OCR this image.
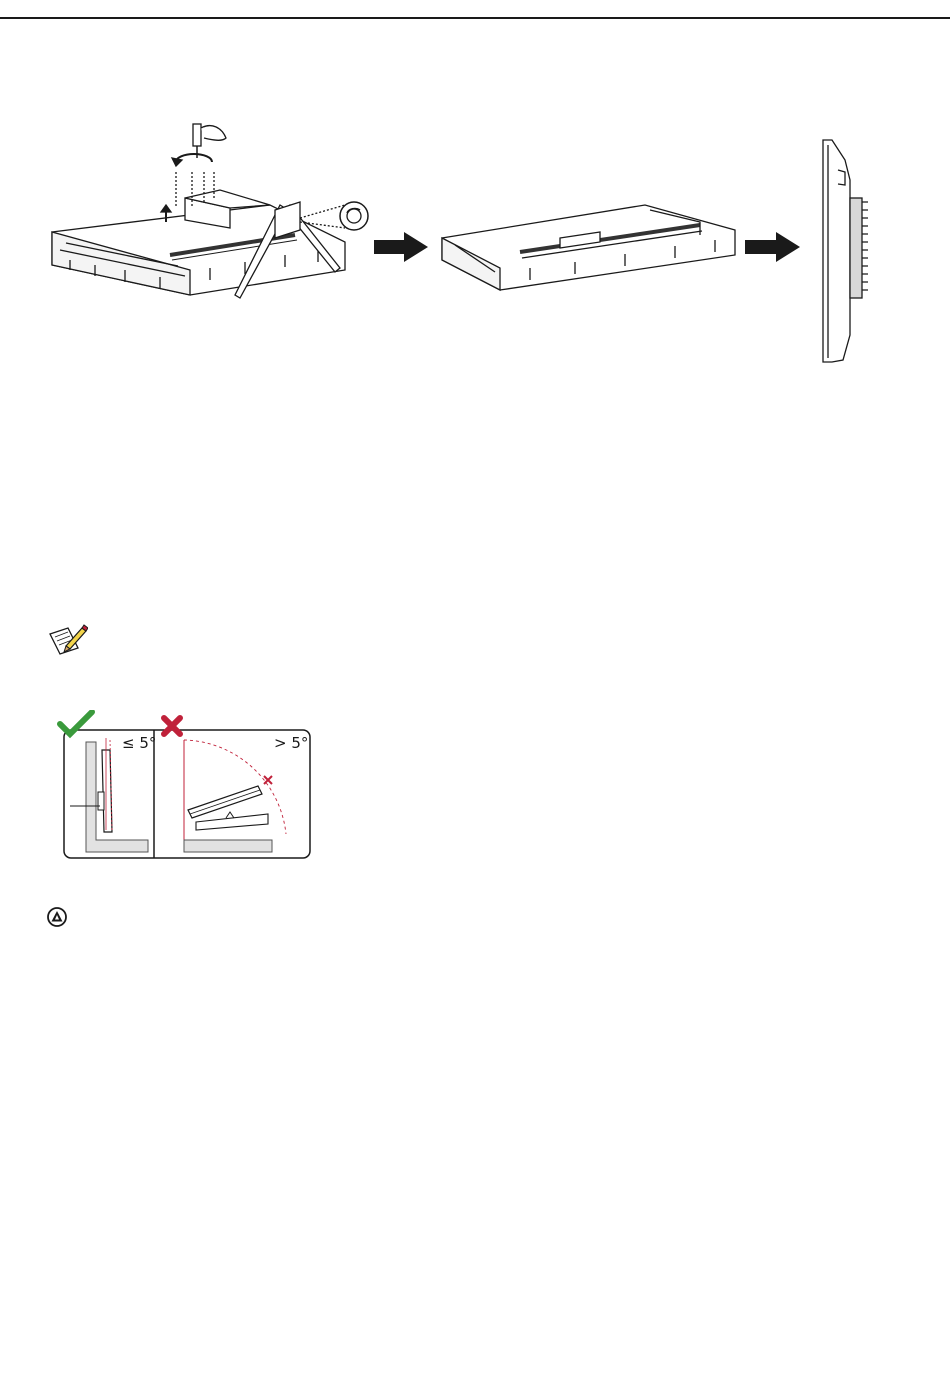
≤ 5°	> 5°
